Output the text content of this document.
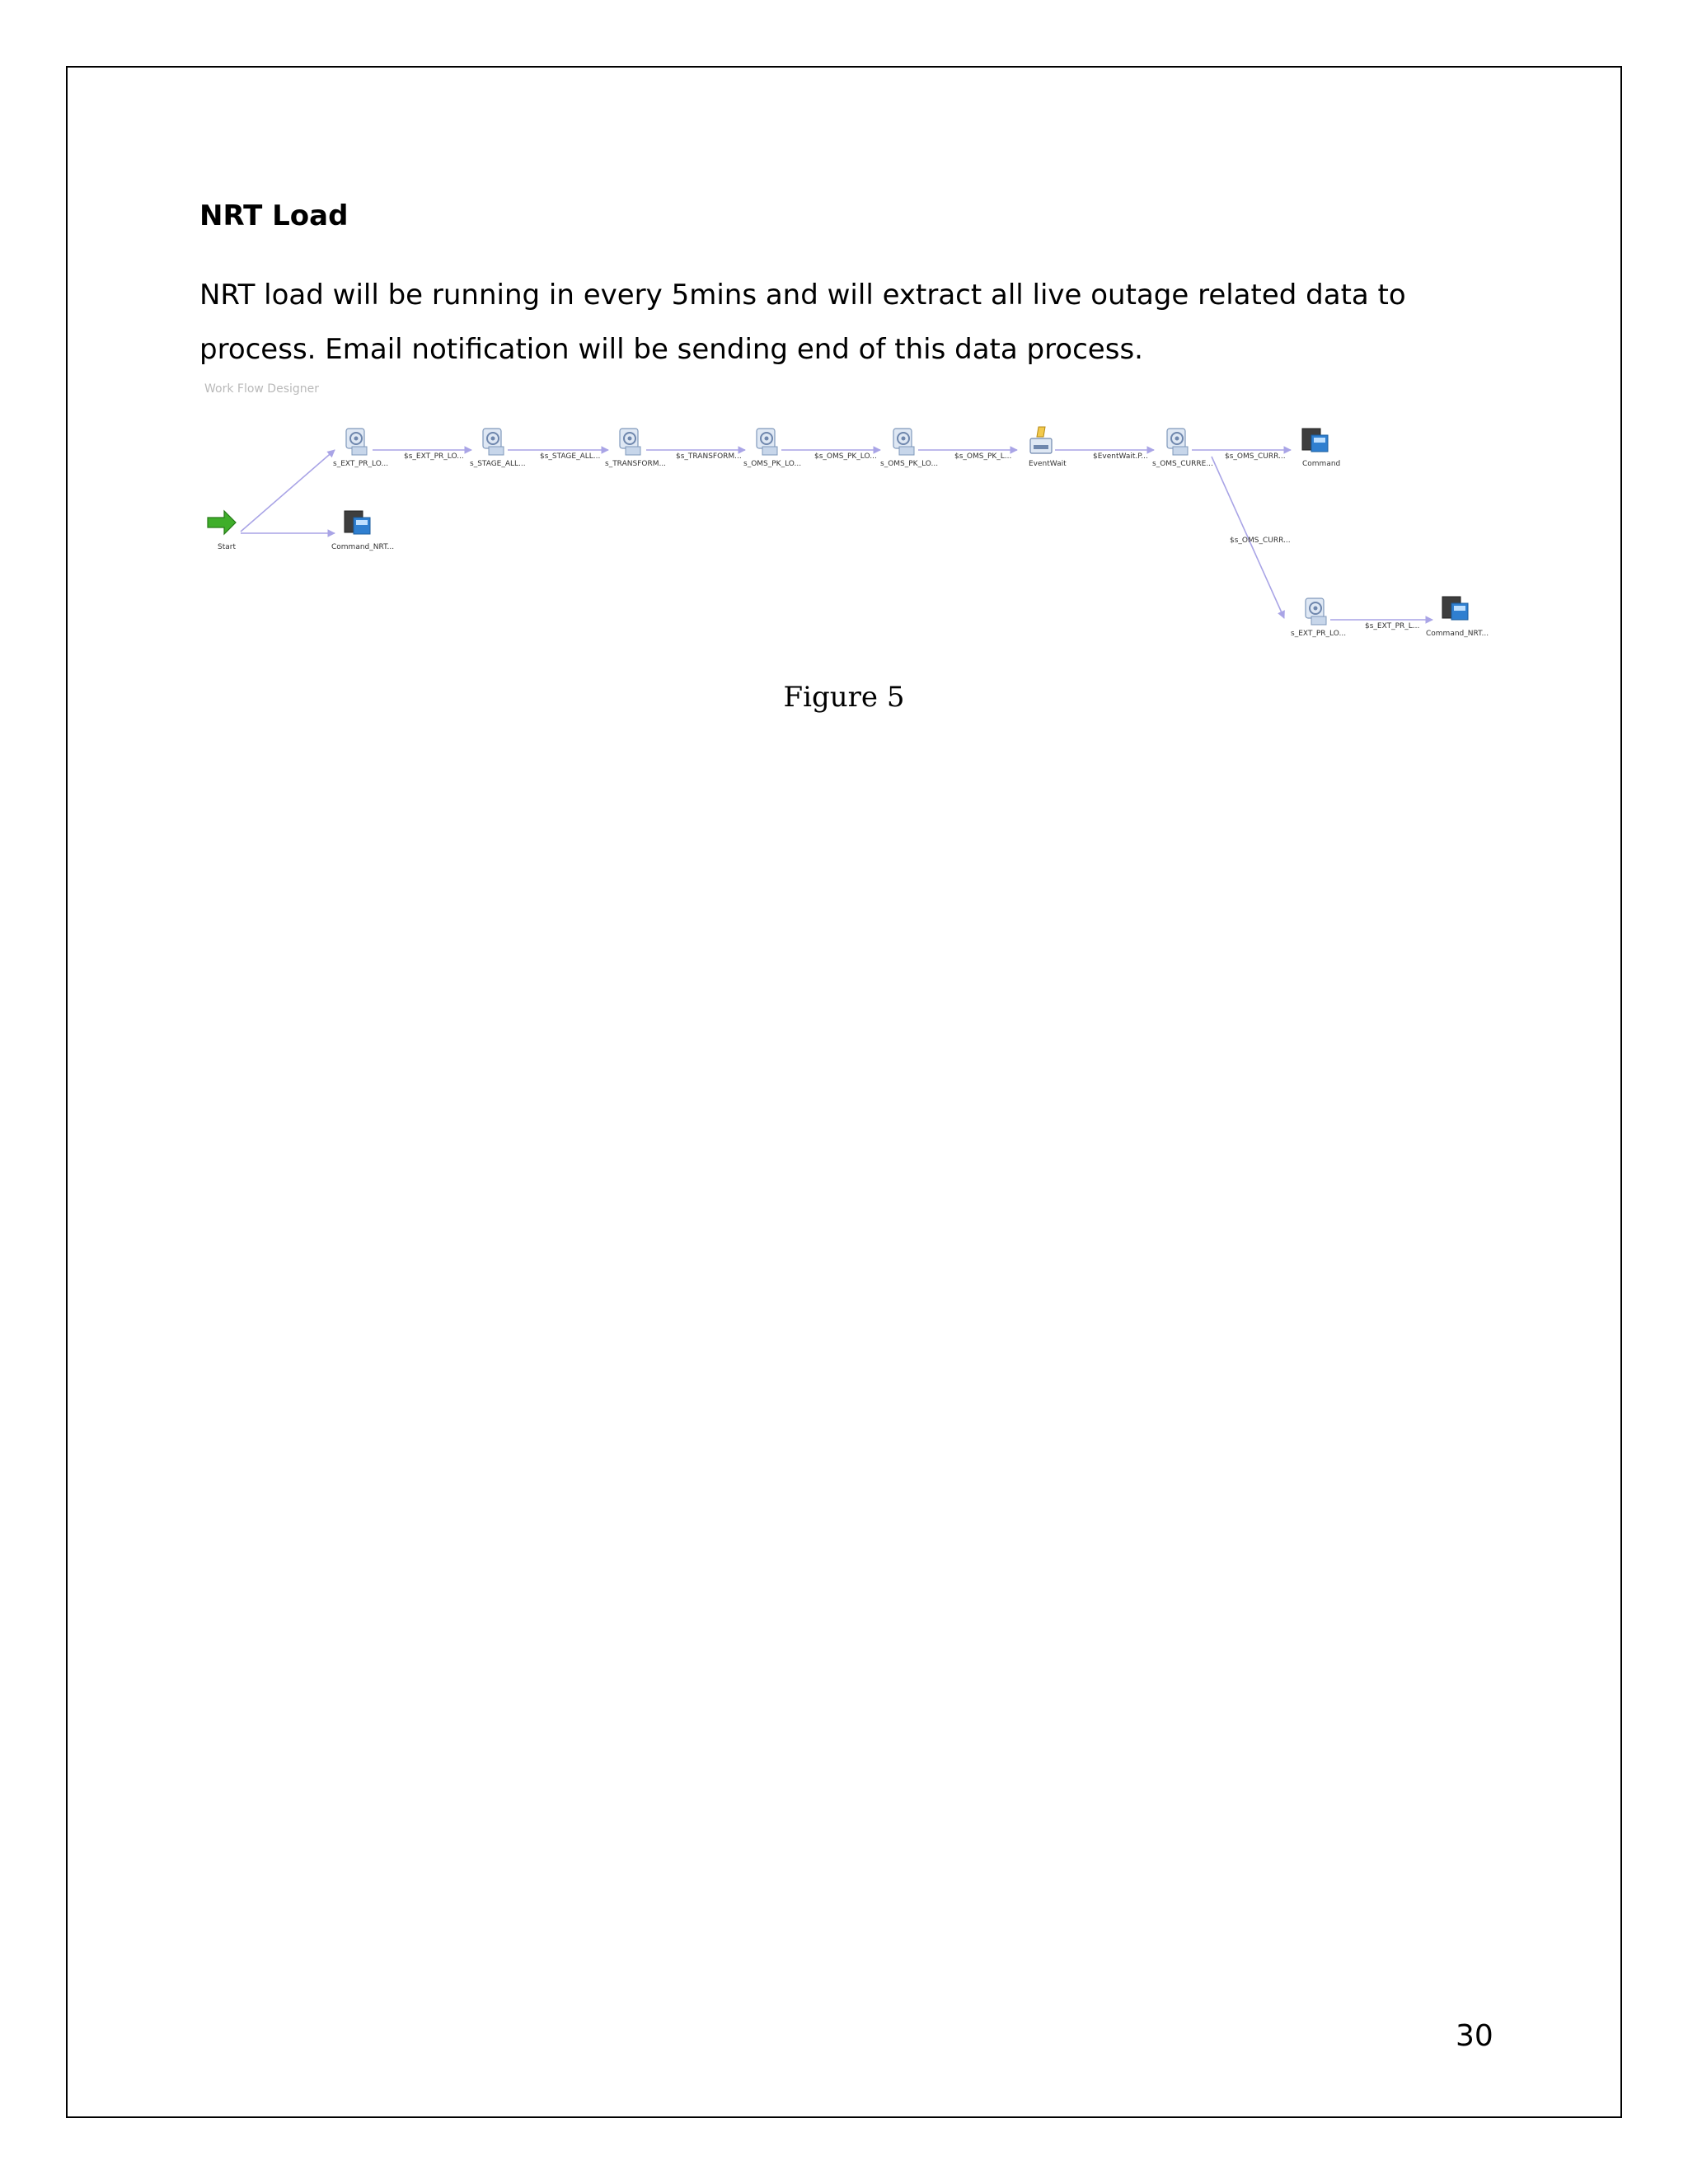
NRT Load
NRT load will be running in every 5mins and will extract all live outage related data to process. Email notification will be sending end of this data process.
Work Flow Designer
$s_EXT_PR_LO...	$s_STAGE_ALL...	$s_TRANSFORM...	$s_OMS_PK_LO...	$s_OMS_PK_L...	$EventWait.P...	$s_OMS_CURR...
$s_OMS_CURR...
$s_EXT_PR_L...
Start	Command_NRT...
s_EXT_PR_LO...	s_STAGE_ALL...	s_TRANSFORM...	s_OMS_PK_LO...	s_OMS_PK_LO...	EventWait	s_OMS_CURRE...	Command
s_EXT_PR_LO...	Command_NRT...
Figure 5
30
